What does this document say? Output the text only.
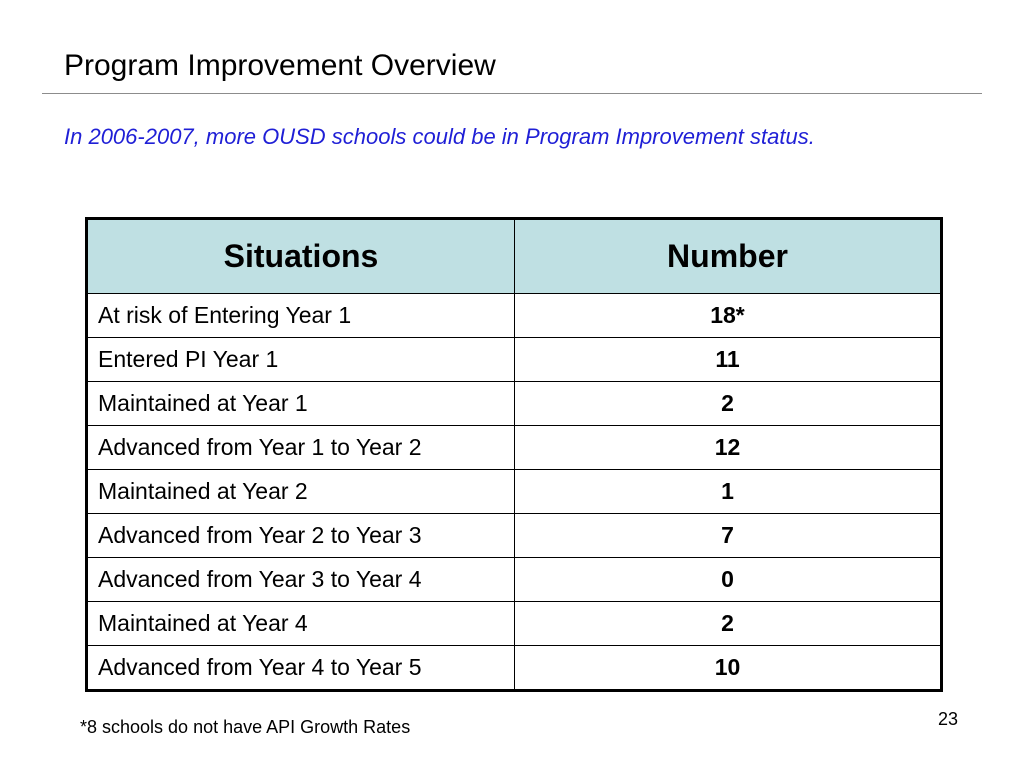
Program Improvement Overview
In 2006-2007, more OUSD schools could be in Program Improvement status.
Situations	Number
At risk of Entering Year 1	18*
Entered PI Year 1	11
Maintained at Year 1	2
Advanced from Year 1 to Year 2	12
Maintained at Year 2	1
Advanced from Year 2 to Year 3	7
Advanced from Year 3 to Year 4	0
Maintained at Year 4	2
Advanced from Year 4 to Year 5	10
*8 schools do not have API Growth Rates	23
